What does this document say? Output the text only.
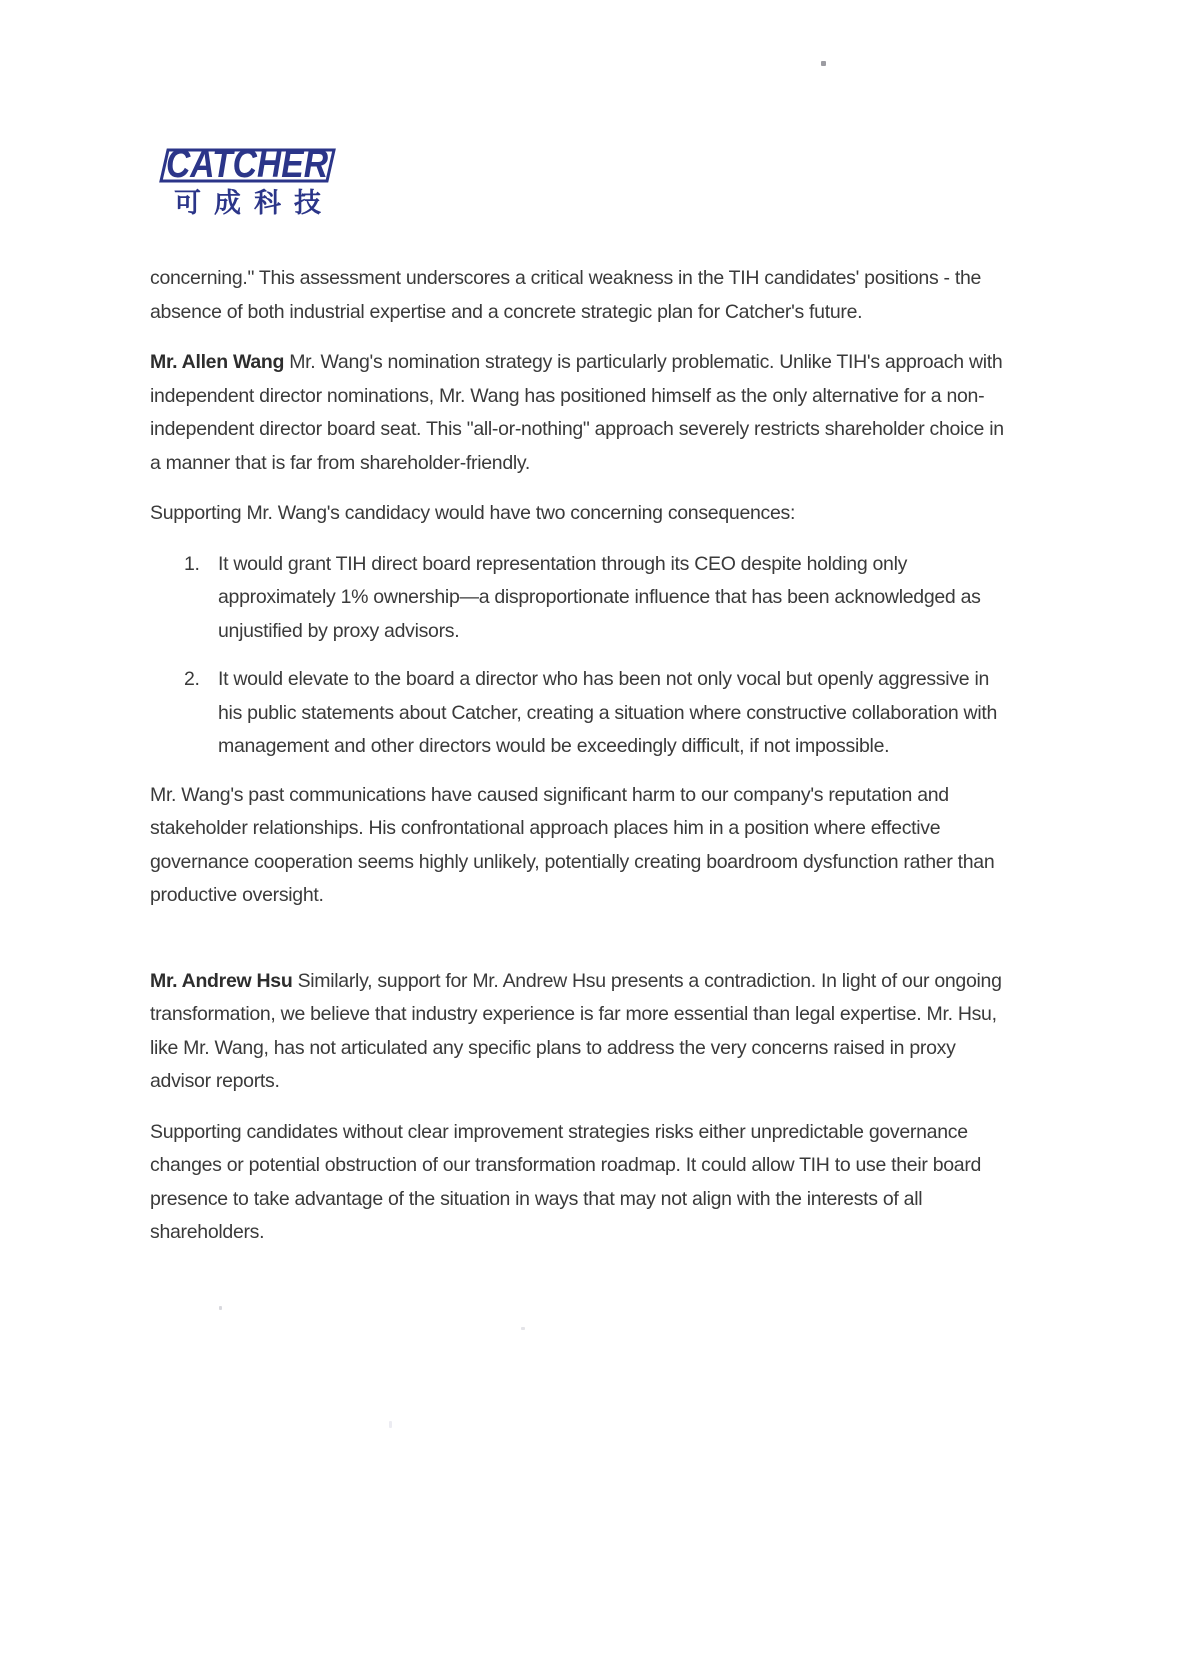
CATCHER
可成科技

concerning." This assessment underscores a critical weakness in the TIH candidates' positions - the absence of both industrial expertise and a concrete strategic plan for Catcher's future.

Mr. Allen Wang Mr. Wang's nomination strategy is particularly problematic. Unlike TIH's approach with independent director nominations, Mr. Wang has positioned himself as the only alternative for a non-independent director board seat. This "all-or-nothing" approach severely restricts shareholder choice in a manner that is far from shareholder-friendly.

Supporting Mr. Wang's candidacy would have two concerning consequences:

1. It would grant TIH direct board representation through its CEO despite holding only approximately 1% ownership—a disproportionate influence that has been acknowledged as unjustified by proxy advisors.
2. It would elevate to the board a director who has been not only vocal but openly aggressive in his public statements about Catcher, creating a situation where constructive collaboration with management and other directors would be exceedingly difficult, if not impossible.

Mr. Wang's past communications have caused significant harm to our company's reputation and stakeholder relationships. His confrontational approach places him in a position where effective governance cooperation seems highly unlikely, potentially creating boardroom dysfunction rather than productive oversight.

Mr. Andrew Hsu Similarly, support for Mr. Andrew Hsu presents a contradiction. In light of our ongoing transformation, we believe that industry experience is far more essential than legal expertise. Mr. Hsu, like Mr. Wang, has not articulated any specific plans to address the very concerns raised in proxy advisor reports.

Supporting candidates without clear improvement strategies risks either unpredictable governance changes or potential obstruction of our transformation roadmap. It could allow TIH to use their board presence to take advantage of the situation in ways that may not align with the interests of all shareholders.
